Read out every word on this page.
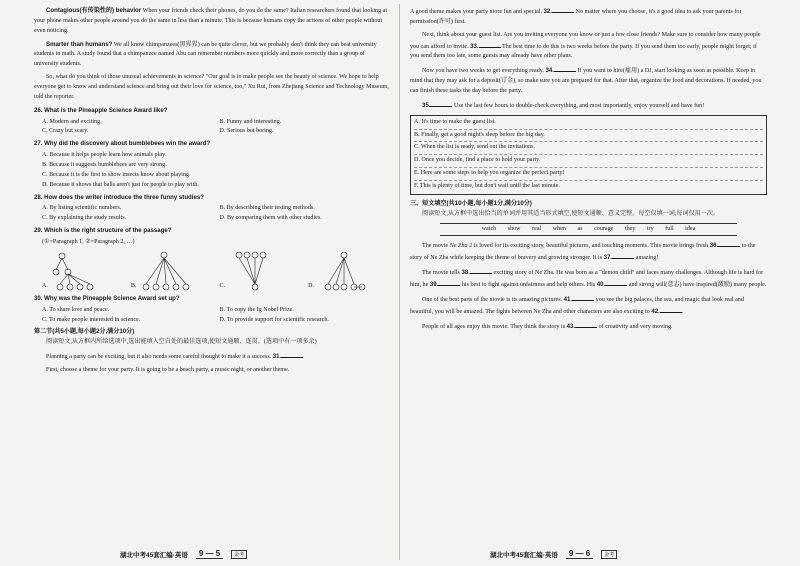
Contagious(有传染性的) behavior When your friends check their phones, do you do the same? Italian researchers found that looking at your phone makes other people around you do the same in less than a minute. This is because humans copy the actions of other people without even noticing.

Smarter than humans? We all know chimpanzees(黑猩猩) can be quite clever, but we probably don't think they can beat university students in math. A study found that a chimpanzee named Abu can remember numbers more quickly and more correctly than a group of university students.

So, what do you think of those unusual achievements in science? "Our goal is to make people see the beauty of science. We hope to help everyone get to know and understand science and bring out their love for science, too," Xu Rui, from Zhejiang Science and Technology Museum, told the reporter.

26. What is the Pineapple Science Award like?
A. Modern and exciting.	B. Funny and interesting.
C. Crazy but scary.	D. Serious but boring.
27. Why did the discovery about bumblebees win the award?
A. Because it helps people learn how animals play.
B. Because it suggests bumblebees are very strong.
C. Because it is the first to show insects know about playing.
D. Because it shows that balls aren't just for people to play with.
28. How does the writer introduce the three funny studies?
A. By listing scientific numbers.	B. By describing their testing methods.
C. By explaining the study results.	D. By comparing them with other studies.
29. Which is the right structure of the passage?
(①=Paragraph 1, ②=Paragraph 2, …)
A.	B.	C.	D.
30. Why was the Pineapple Science Award set up?
A. To share love and peace.	B. To copy the Ig Nobel Prize.
C. To make people interested in science.	D. To provide support for scientific research.
第二节(共5小题,每小题2分,满分10分)

阅读短文,从方框内所给选项中,选出能填入空白处的最佳选项,使短文通顺、连贯。(选项中有一项多余)

Planning a party can be exciting, but it also needs some careful thought to make it a success. 31.

First, choose a theme for your party. It is going to be a beach party, a music night, or another theme.

湖北中考45套汇编·英语	9 — 5	金考

A good theme makes your party more fun and special. 32.	No matter where you choose, it's a good idea to ask your parents for permission(许可) first.

Next, think about your guest list. Are you inviting everyone you know or just a few close friends? Make sure to consider how many people you can afford to invite. 33.	The best time to do this is two weeks before the party. If you send them too early, people might forget; if you send them too late, some guests may already have other plans.

Now you have two weeks to get everything ready. 34.	If you want to hire(雇用) a DJ, start looking as soon as possible. Keep in mind that they may ask for a deposit(订金), so make sure you are prepared for that. After that, organize the food and decorations. If needed, you can finish these tasks the day before the party.

35.	Use the last few hours to double-check everything, and most importantly, enjoy yourself and have fun!

A. It's time to make the guest list.
B. Finally, get a good night's sleep before the big day.
C. When the list is ready, send out the invitations.
D. Once you decide, find a place to hold your party.
E. Here are some steps to help you organize the perfect party!
F. This is plenty of time, but don't wait until the last minute.
三、短文填空(共10小题,每小题1分,满分10分)

阅读短文,从方框中选出恰当的单词并用其适当形式填空,使短文通顺、意义完整。每空仅填一词,每词仅用一次。

watch show real when as courage they try full idea

The movie Ne Zha 2 is loved for its exciting story, beautiful pictures, and touching moments. This movie brings fresh 36.	to the story of Ne Zha while keeping the theme of bravery and growing stronger. It is 37.	amazing!

The movie tells 38.	exciting story of Ne Zha. He was born as a "demon child" and faces many challenges. Although life is hard for him, he 39.	his best to fight against unfairness and help others. His 40.	and strong will(意志) have inspired(激励) many people.

One of the best parts of the movie is its amazing pictures. 41.	you see the big palaces, the sea, and magic that look real and beautiful, you will be amazed. The fights between Ne Zha and other characters are also exciting to 42.	.

People of all ages enjoy this movie. They think the story is 43.	of creativity and very moving.

湖北中考45套汇编·英语	9 — 6	金考
